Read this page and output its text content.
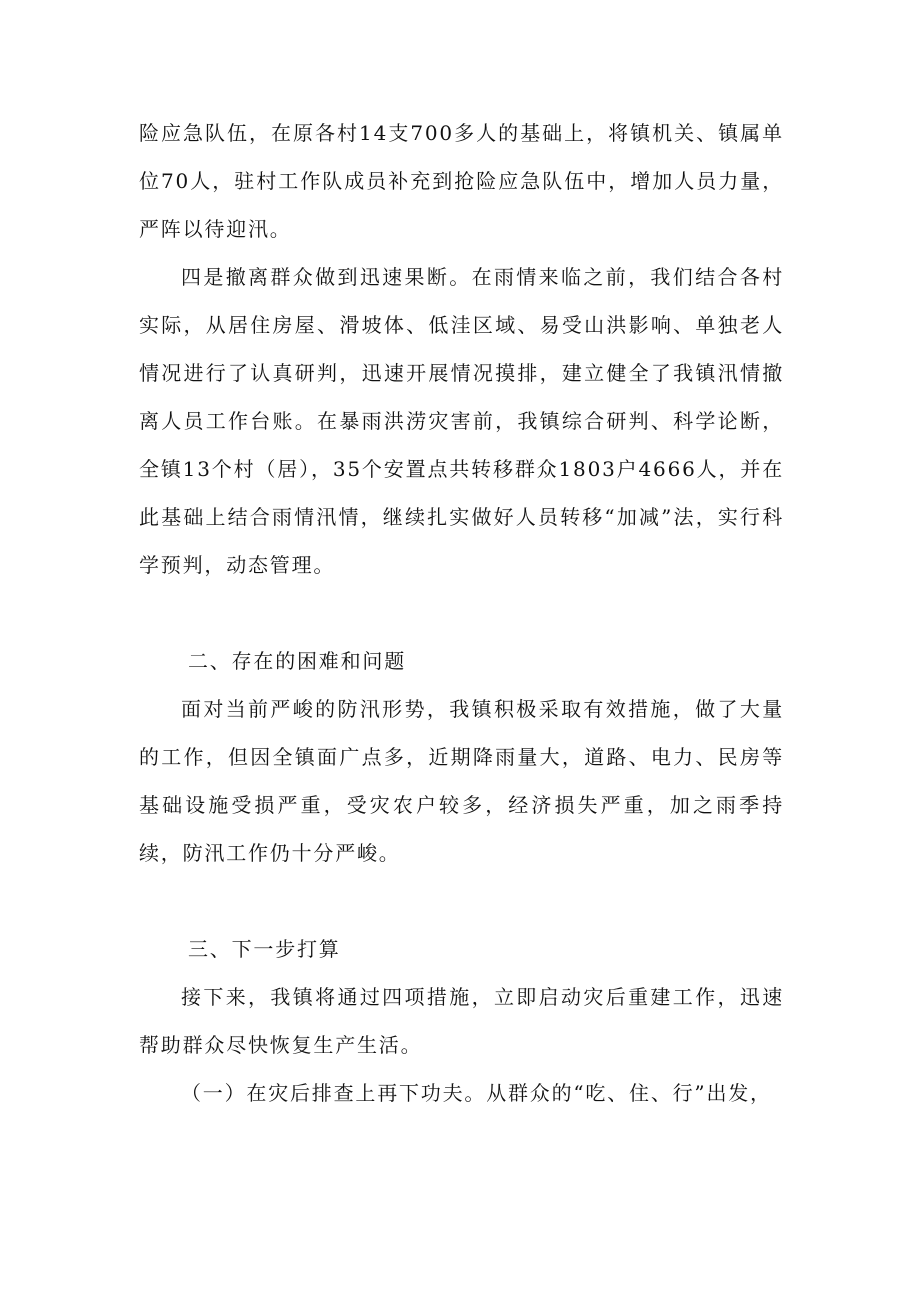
险应急队伍，在原各村14支700多人的基础上，将镇机关、镇属单位70人，驻村工作队成员补充到抢险应急队伍中，增加人员力量，严阵以待迎汛。

四是撤离群众做到迅速果断。在雨情来临之前，我们结合各村实际，从居住房屋、滑坡体、低洼区域、易受山洪影响、单独老人情况进行了认真研判，迅速开展情况摸排，建立健全了我镇汛情撤离人员工作台账。在暴雨洪涝灾害前，我镇综合研判、科学论断，全镇13个村（居），35个安置点共转移群众1803户4666人，并在此基础上结合雨情汛情，继续扎实做好人员转移“加减”法，实行科学预判，动态管理。

二、存在的困难和问题

面对当前严峻的防汛形势，我镇积极采取有效措施，做了大量的工作，但因全镇面广点多，近期降雨量大，道路、电力、民房等基础设施受损严重，受灾农户较多，经济损失严重，加之雨季持续，防汛工作仍十分严峻。

三、下一步打算

接下来，我镇将通过四项措施，立即启动灾后重建工作，迅速帮助群众尽快恢复生产生活。

（一）在灾后排查上再下功夫。从群众的“吃、住、行”出发，
